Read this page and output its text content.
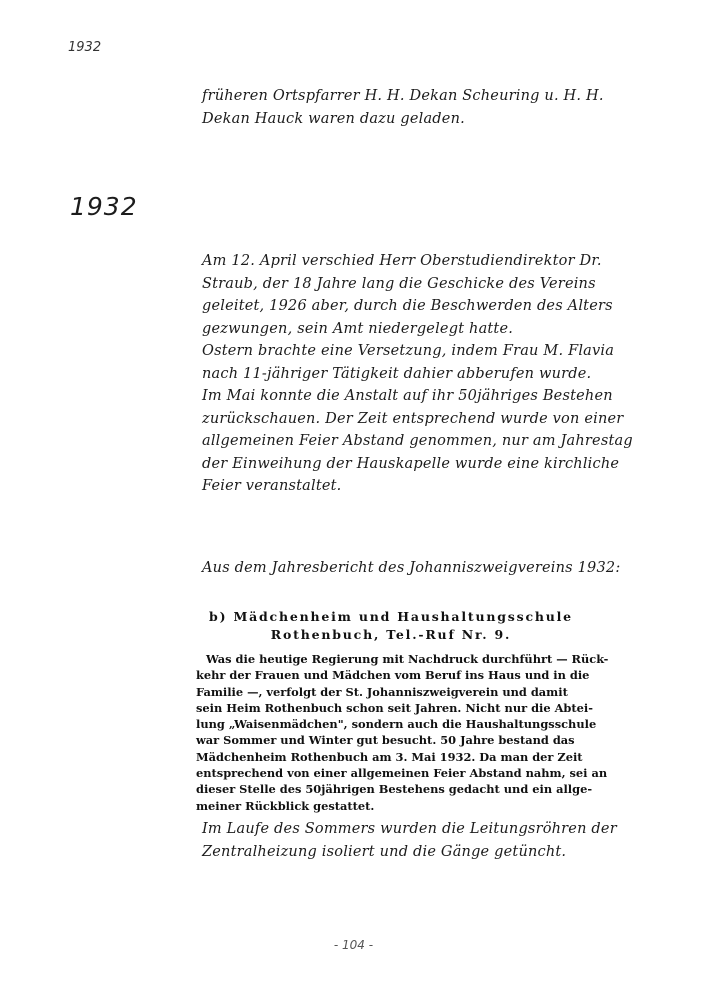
1932
früheren Ortspfarrer H. H. Dekan Scheuring u. H. H.
Dekan Hauck waren dazu geladen.
1932
Am 12. April verschied Herr Oberstudiendirektor Dr.
Straub, der 18 Jahre lang die Geschicke des Vereins
geleitet, 1926 aber, durch die Beschwerden des Alters
gezwungen, sein Amt niedergelegt hatte.
Ostern brachte eine Versetzung, indem Frau M. Flavia
nach 11-jähriger Tätigkeit dahier abberufen wurde.
Im Mai konnte die Anstalt auf ihr 50jähriges Bestehen
zurückschauen. Der Zeit entsprechend wurde von einer
allgemeinen Feier Abstand genommen, nur am Jahrestag
der Einweihung der Hauskapelle wurde eine kirchliche
Feier veranstaltet.
Aus dem Jahresbericht des Johanniszweigvereins 1932:
b) Mädchenheim und Haushaltungsschule
Rothenbuch, Tel.-Ruf Nr. 9.
Was die heutige Regierung mit Nachdruck durchführt — Rück-
kehr der Frauen und Mädchen vom Beruf ins Haus und in die
Familie —, verfolgt der St. Johanniszweigverein und damit
sein Heim Rothenbuch schon seit Jahren. Nicht nur die Abtei-
lung „Waisenmädchen", sondern auch die Haushaltungsschule
war Sommer und Winter gut besucht. 50 Jahre bestand das
Mädchenheim Rothenbuch am 3. Mai 1932. Da man der Zeit
entsprechend von einer allgemeinen Feier Abstand nahm, sei an
dieser Stelle des 50jährigen Bestehens gedacht und ein allge-
meiner Rückblick gestattet.
Im Laufe des Sommers wurden die Leitungsröhren der
Zentralheizung isoliert und die Gänge getüncht.
- 104 -
